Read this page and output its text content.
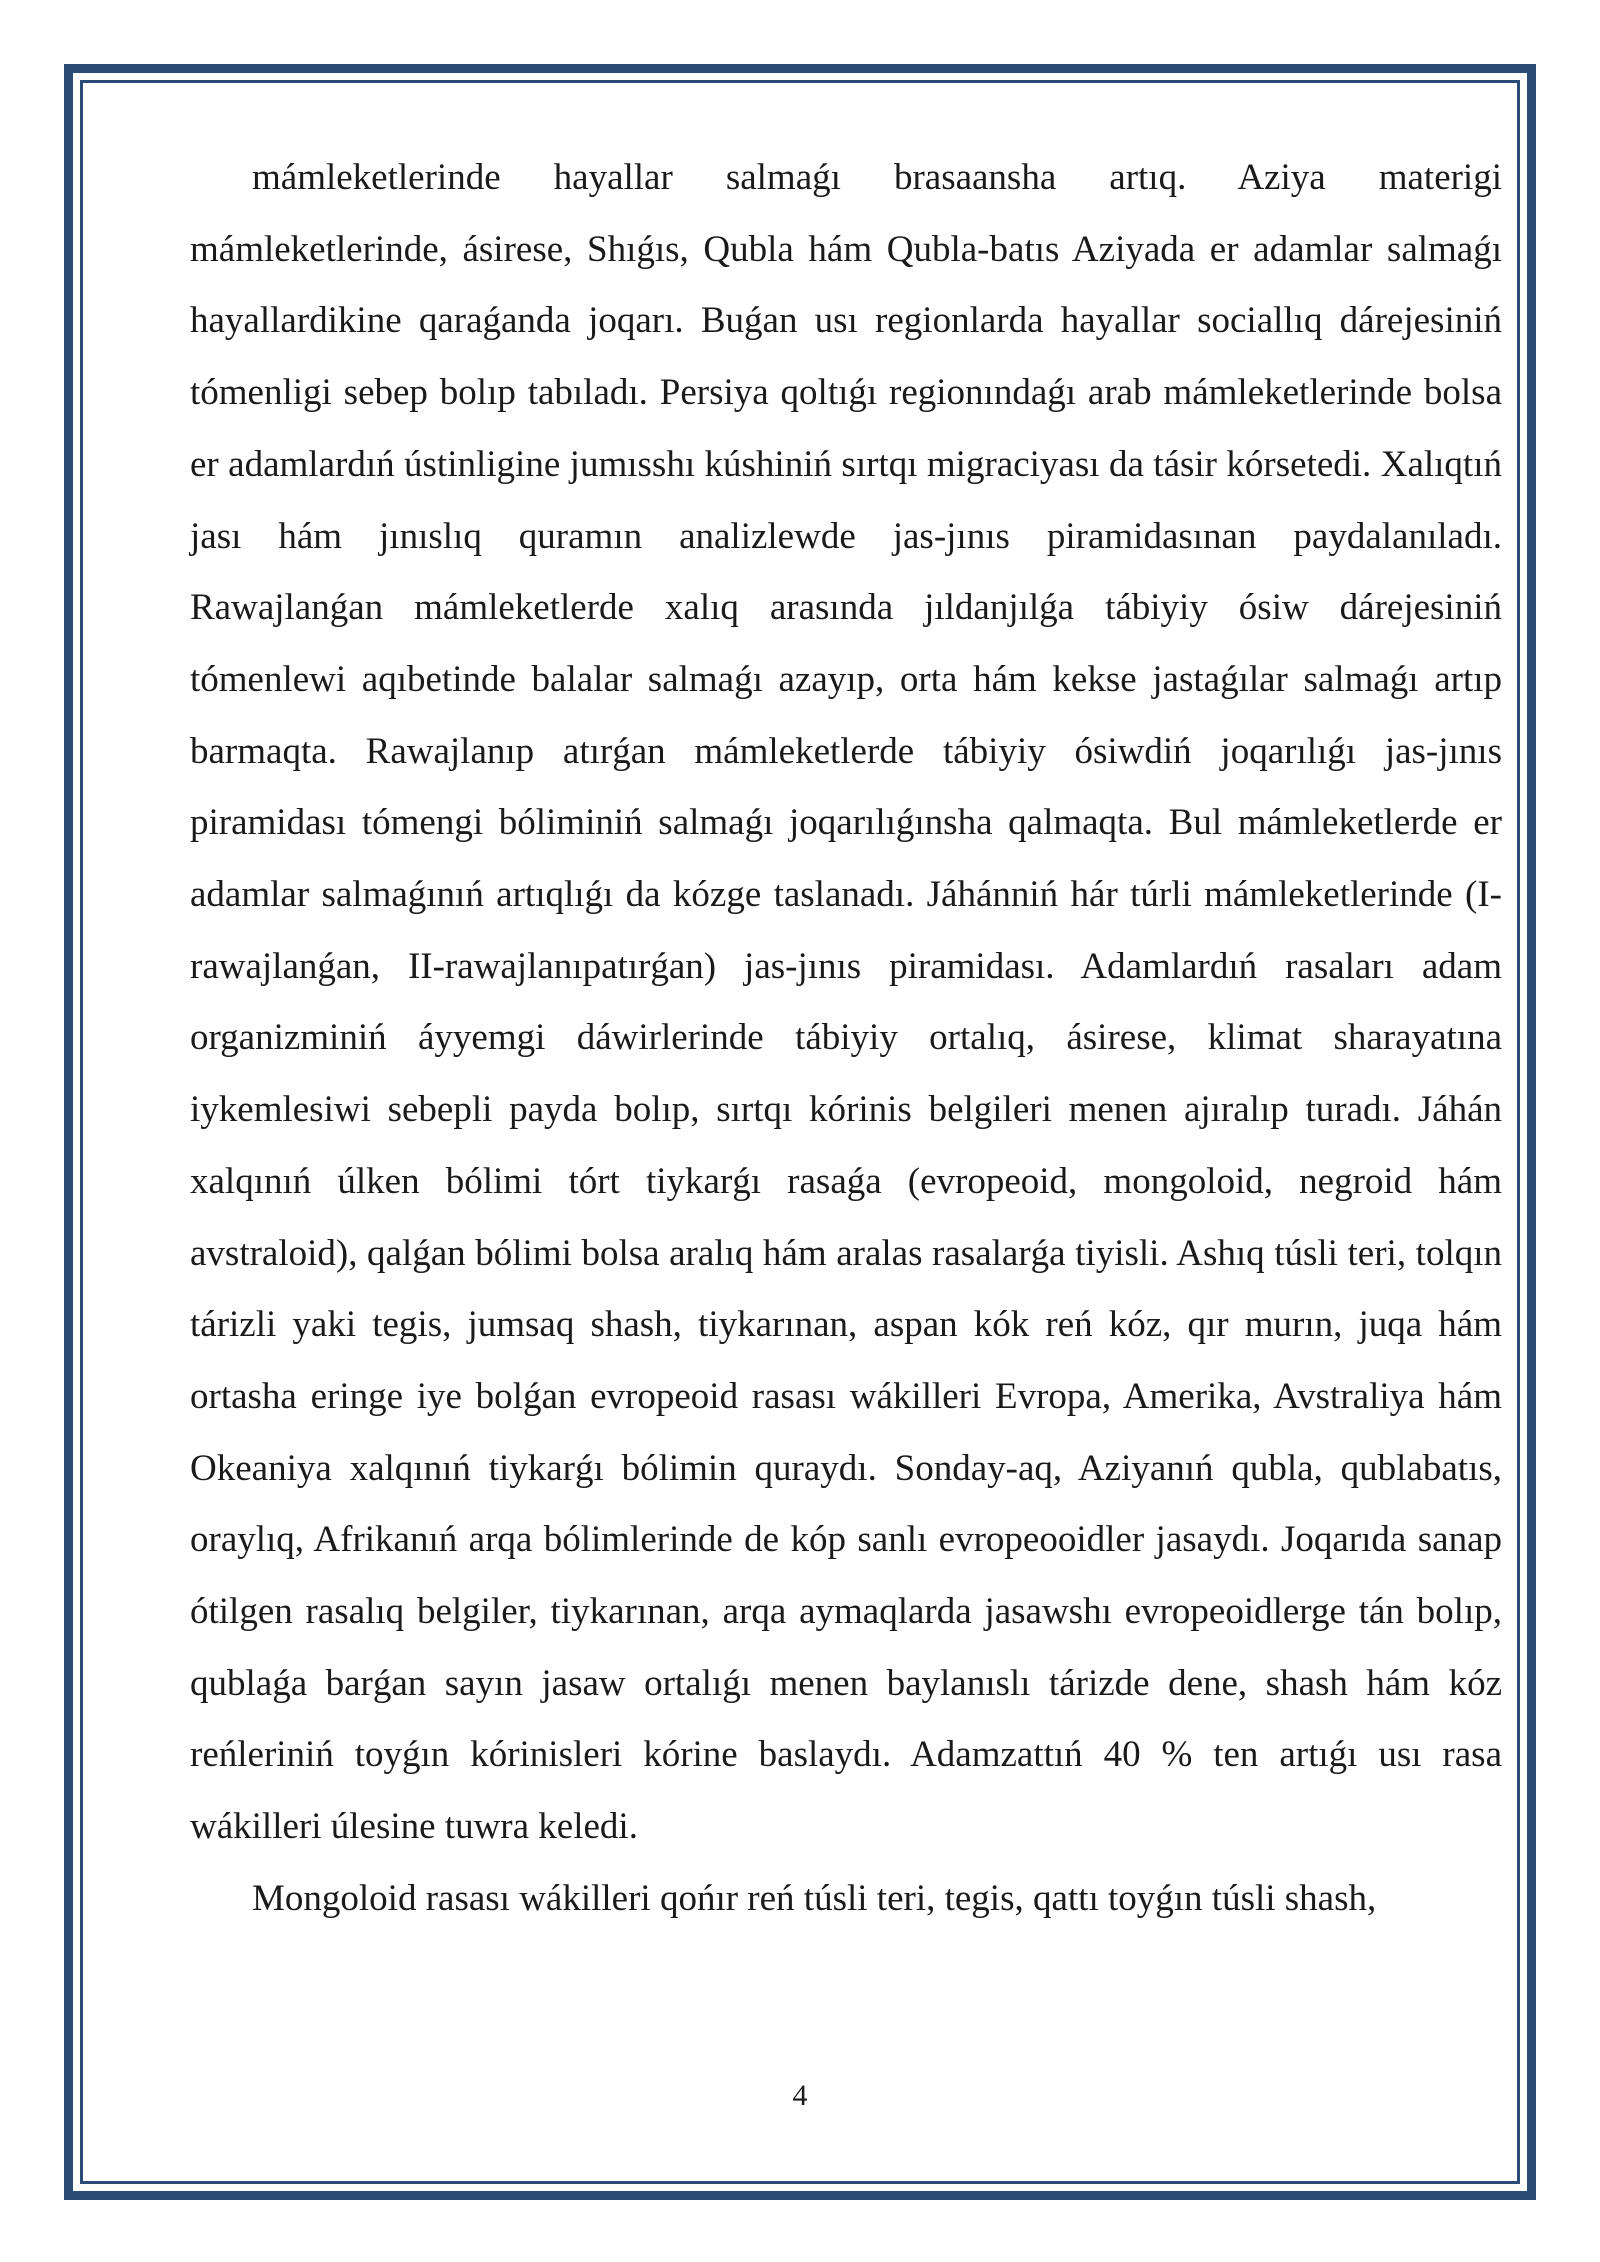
mámleketlerinde hayallar salmaǵı brasaansha artıq. Aziya materigi mámleketlerinde, ásirese, Shıǵıs, Qubla hám Qubla-batıs Aziyada er adamlar salmaǵı hayallardikine qaraǵanda joqarı. Buǵan usı regionlarda hayallar sociallıq dárejesiniń tómenligi sebep bolıp tabıladı. Persiya qoltıǵı regionındaǵı arab mámleketlerinde bolsa er adamlardıń ústinligine jumısshı kúshiniń sırtqı migraciyası da tásir kórsetedi. Xalıqtıń jası hám jınıslıq quramın analizlewde jas-jınıs piramidasınan paydalanıladı. Rawajlanǵan mámleketlerde xalıq arasında jıldanjılǵa tábiyiy ósiw dárejesiniń tómenlewi aqıbetinde balalar salmaǵı azayıp, orta hám kekse jastaǵılar salmaǵı artıp barmaqta. Rawajlanıp atırǵan mámleketlerde tábiyiy ósiwdiń joqarılıǵı jas-jınıs piramidası tómengi bóliminiń salmaǵı joqarılıǵınsha qalmaqta. Bul mámleketlerde er adamlar salmaǵınıń artıqlıǵı da kózge taslanadı. Jáhánniń hár túrli mámleketlerinde (I-rawajlanǵan, II-rawajlanıpatırǵan) jas-jınıs piramidası. Adamlardıń rasaları adam organizminiń áyyemgi dáwirlerinde tábiyiy ortalıq, ásirese, klimat sharayatına iykemlesiwi sebepli payda bolıp, sırtqı kórinis belgileri menen ajıralıp turadı. Jáhán xalqınıń úlken bólimi tórt tiykarǵı rasaǵa (evropeoid, mongoloid, negroid hám avstraloid), qalǵan bólimi bolsa aralıq hám aralas rasalarǵa tiyisli. Ashıq túsli teri, tolqın tárizli yaki tegis, jumsaq shash, tiykarınan, aspan kók reń kóz, qır murın, juqa hám ortasha eringe iye bolǵan evropeoid rasası wákilleri Evropa, Amerika, Avstraliya hám Okeaniya xalqınıń tiykarǵı bólimin quraydı. Sonday-aq, Aziyanıń qubla, qublabatıs, oraylıq, Afrikanıń arqa bólimlerinde de kóp sanlı evropeooidler jasaydı. Joqarıda sanap ótilgen rasalıq belgiler, tiykarınan, arqa aymaqlarda jasawshı evropeoidlerge tán bolıp, qublaǵa barǵan sayın jasaw ortalıǵı menen baylanıslı tárizde dene, shash hám kóz reńleriniń toyǵın kórinisleri kórine baslaydı. Adamzattıń 40 % ten artıǵı usı rasa wákilleri úlesine tuwra keledi.

Mongoloid rasası wákilleri qońır reń túsli teri, tegis, qattı toyǵın túsli shash,

4
